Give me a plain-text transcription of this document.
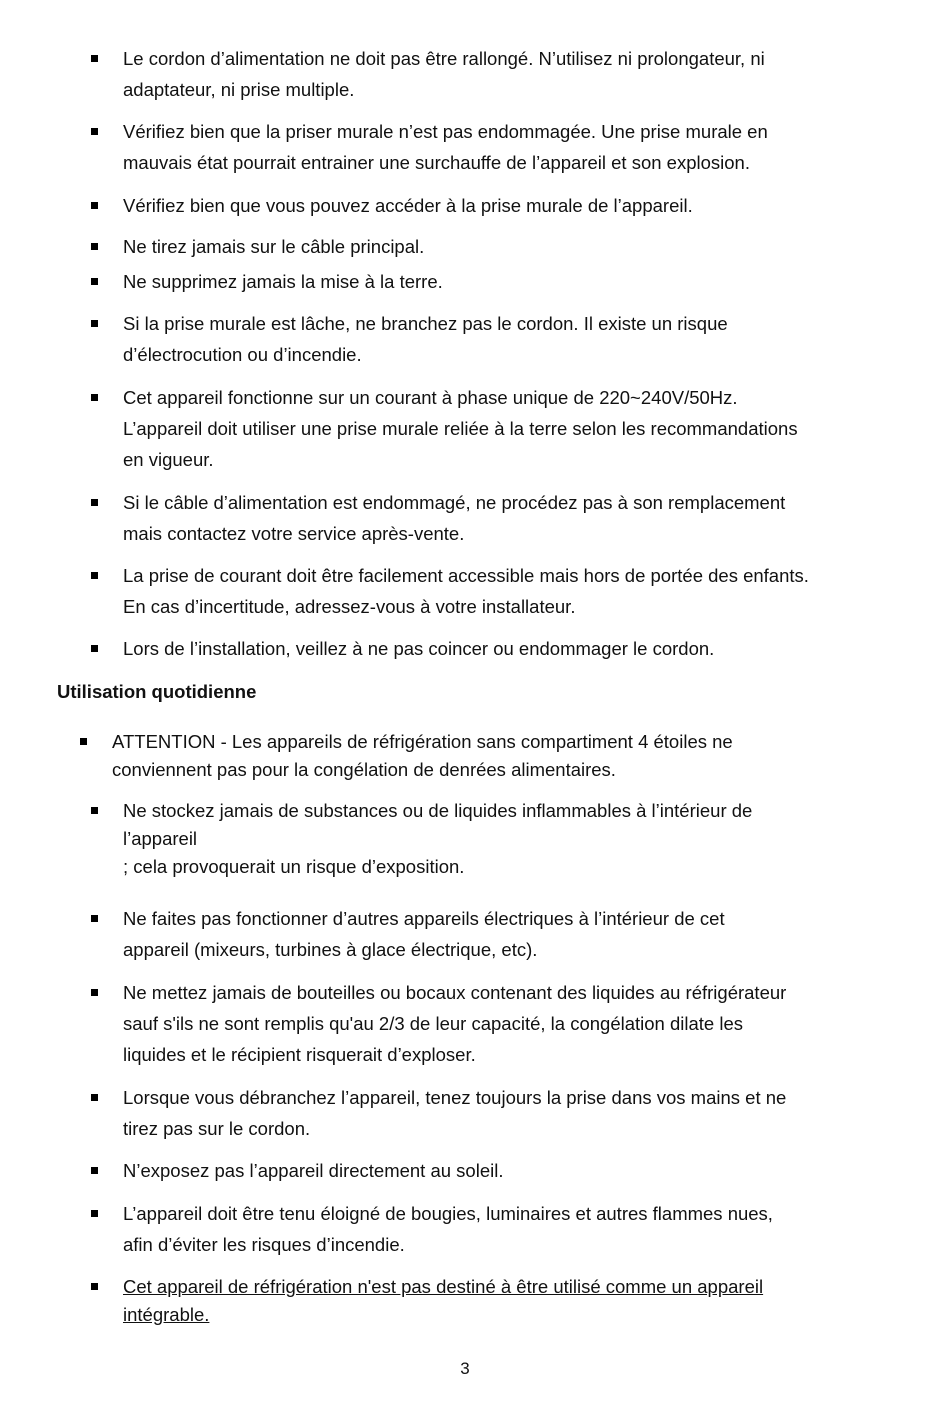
Le cordon d’alimentation ne doit pas être rallongé. N’utilisez ni prolongateur, ni
adaptateur, ni prise multiple.
Vérifiez bien que la priser murale n’est pas endommagée. Une prise murale en
mauvais état pourrait entrainer une surchauffe de l’appareil et son explosion.
Vérifiez bien que vous pouvez accéder à la prise murale de l’appareil.
Ne tirez jamais sur le câble principal.
Ne supprimez jamais la mise à la terre.
Si la prise murale est lâche, ne branchez pas le cordon. Il existe un risque
d’électrocution ou d’incendie.
Cet appareil fonctionne sur un courant à phase unique de 220~240V/50Hz.
L’appareil doit utiliser une prise murale reliée à la terre selon les recommandations
en vigueur.
Si le câble d’alimentation est endommagé, ne procédez pas à son remplacement
mais contactez votre service après-vente.
La prise de courant doit être facilement accessible mais hors de portée des enfants.
En cas d’incertitude, adressez-vous à votre installateur.
Lors de l’installation, veillez à ne pas coincer ou endommager le cordon.
Utilisation quotidienne
ATTENTION - Les appareils de réfrigération sans compartiment 4 étoiles ne
conviennent pas pour la congélation de denrées alimentaires.
Ne stockez jamais de substances ou de liquides inflammables à l’intérieur de
l’appareil
; cela provoquerait un risque d’exposition.
Ne faites pas fonctionner d’autres appareils électriques à l’intérieur de cet
appareil (mixeurs, turbines à glace électrique, etc).
Ne mettez jamais de bouteilles ou bocaux contenant des liquides au réfrigérateur
sauf s'ils ne sont remplis qu'au 2/3 de leur capacité, la congélation dilate les
liquides et le récipient risquerait d’exploser.
Lorsque vous débranchez l’appareil, tenez toujours la prise dans vos mains et ne
tirez pas sur le cordon.
N’exposez pas l’appareil directement au soleil.
L’appareil doit être tenu éloigné de bougies, luminaires et autres flammes nues,
afin d’éviter les risques d’incendie.
Cet appareil de réfrigération n'est pas destiné à être utilisé comme un appareil
intégrable.
3
